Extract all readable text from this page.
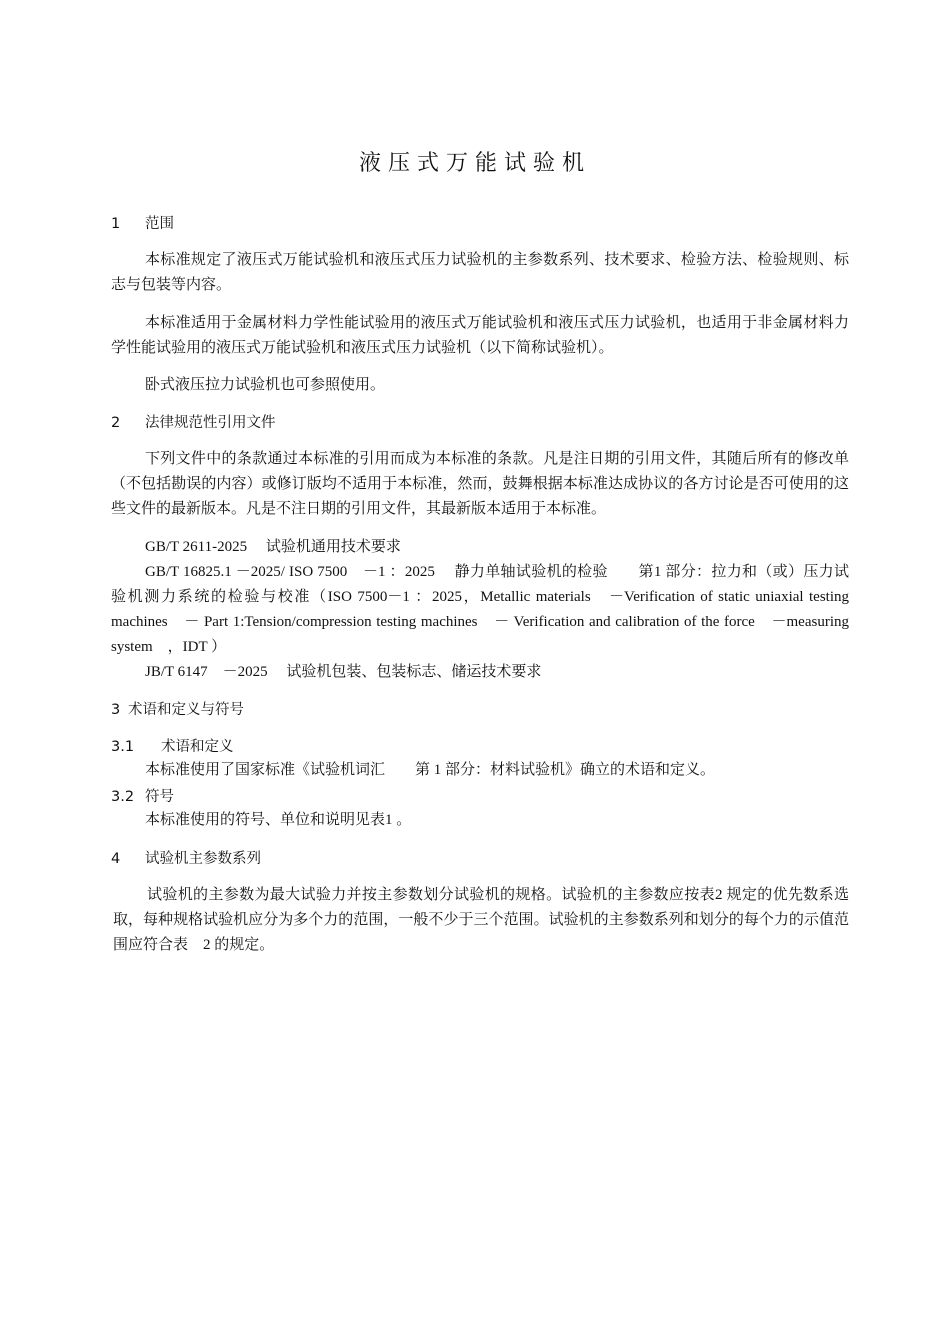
液压式万能试验机
1 范围
本标准规定了液压式万能试验机和液压式压力试验机的主参数系列、技术要求、检验方法、检验规则、标志与包装等内容。
本标准适用于金属材料力学性能试验用的液压式万能试验机和液压式压力试验机，也适用于非金属材料力学性能试验用的液压式万能试验机和液压式压力试验机（以下简称试验机）。
卧式液压拉力试验机也可参照使用。
2 法律规范性引用文件
下列文件中的条款通过本标准的引用而成为本标准的条款。凡是注日期的引用文件，其随后所有的修改单（不包括勘误的内容）或修订版均不适用于本标准，然而，鼓舞根据本标准达成协议的各方讨论是否可使用的这些文件的最新版本。凡是不注日期的引用文件，其最新版本适用于本标准。
GB/T 2611-2025　 试验机通用技术要求
GB/T 16825.1 －2025/ ISO 7500　－1 ：2025　 静力单轴试验机的检验　　第1 部分：拉力和（或）压力试验机测力系统的检验与校准（ISO 7500－1 ：2025，Metallic materials　－Verification of static uniaxial testing machines　－ Part 1:Tension/compression testing machines　－ Verification and calibration of the force　－measuring system　，IDT ）
JB/T 6147　－2025　 试验机包装、包装标志、储运技术要求
3 术语和定义与符号
3.1 术语和定义
本标准使用了国家标准《试验机词汇　　第 1 部分：材料试验机》确立的术语和定义。
3.2 符号
本标准使用的符号、单位和说明见表1 。
4 试验机主参数系列
试验机的主参数为最大试验力并按主参数划分试验机的规格。试验机的主参数应按表2 规定的优先数系选取，每种规格试验机应分为多个力的范围，一般不少于三个范围。试验机的主参数系列和划分的每个力的示值范围应符合表　2 的规定。
